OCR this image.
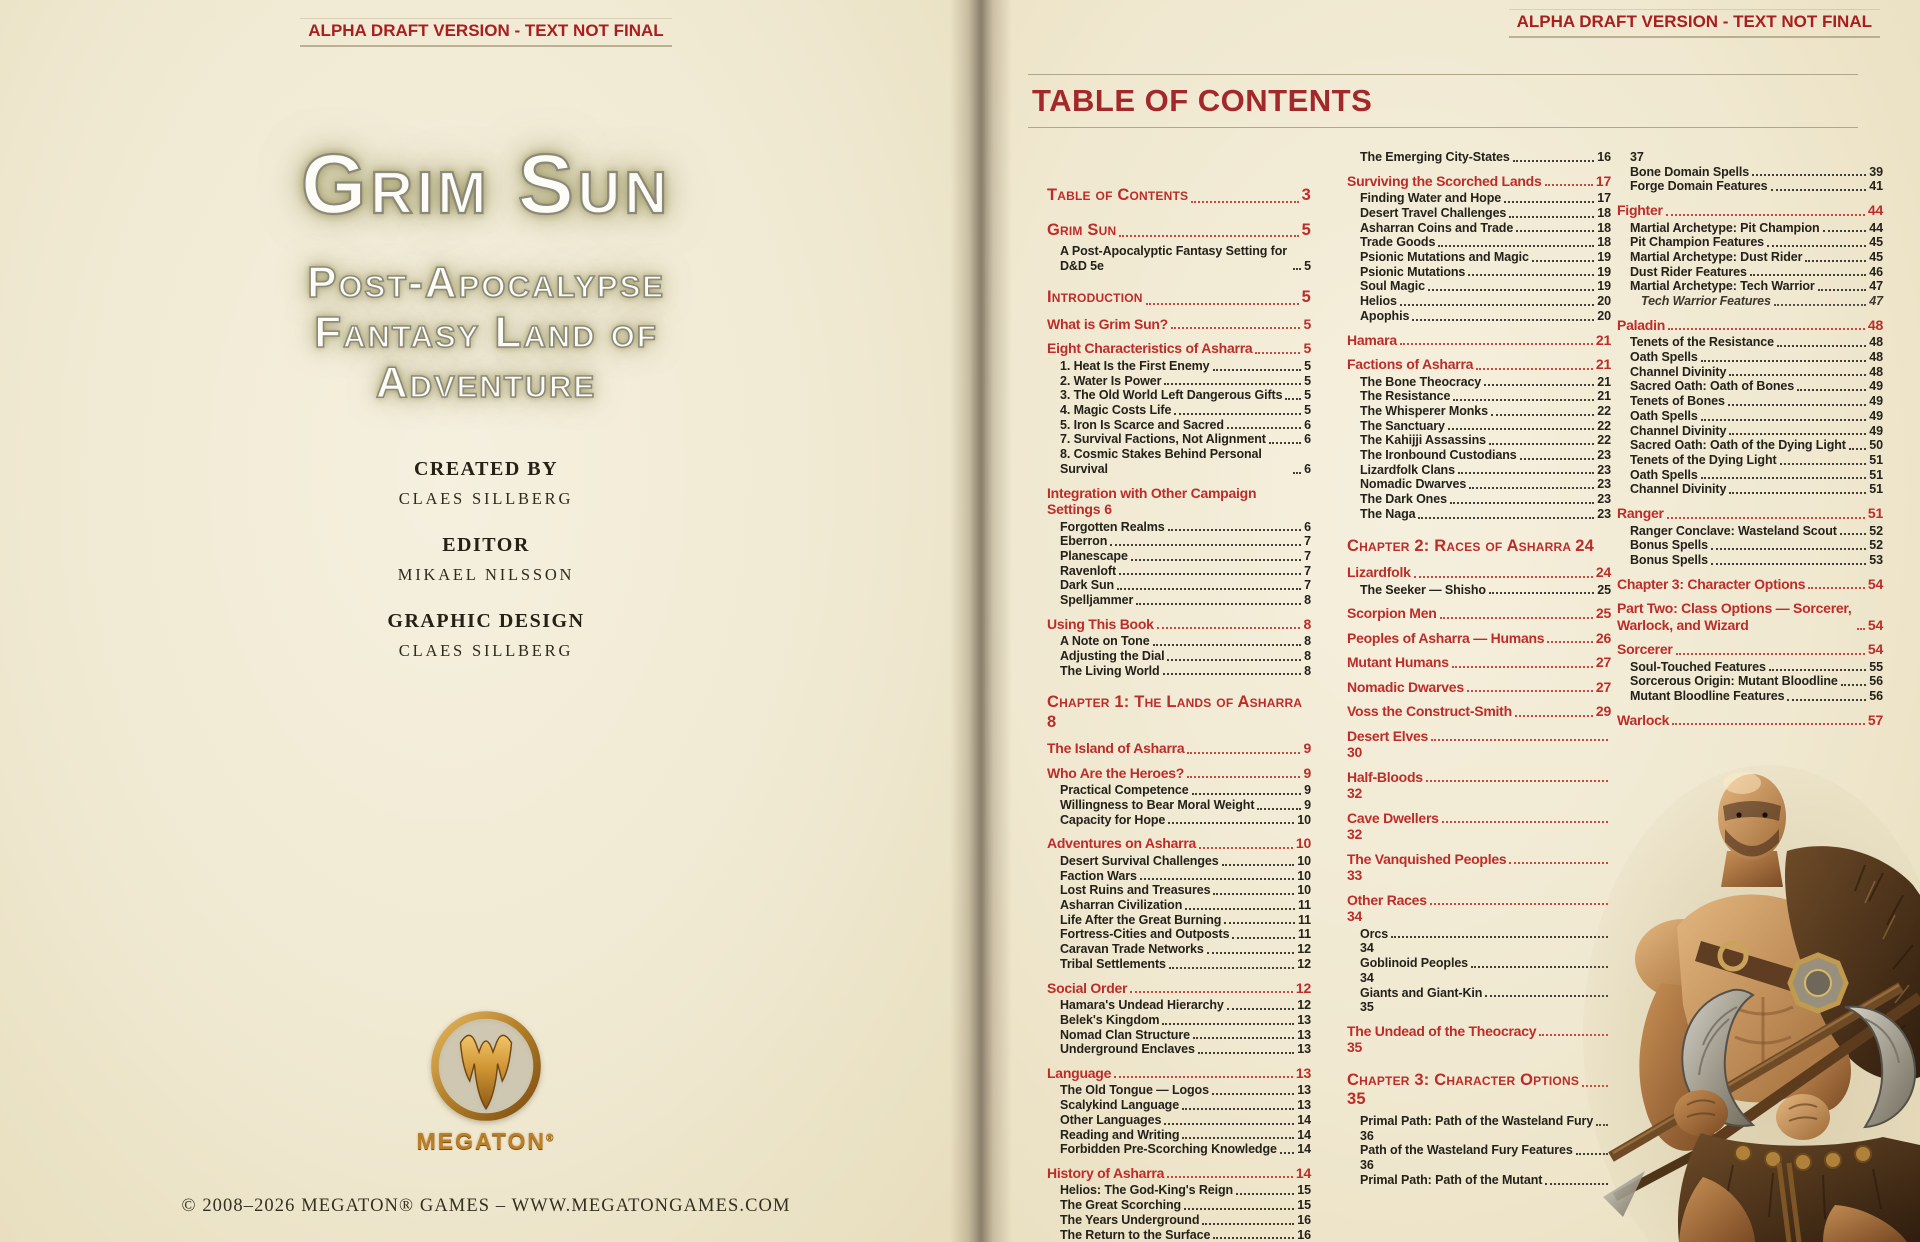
ALPHA DRAFT VERSION - TEXT NOT FINAL
Grim Sun
Post-Apocalypse
Fantasy Land of
Adventure
CREATED BY
CLAES SILLBERG
EDITOR
MIKAEL NILSSON
GRAPHIC DESIGN
CLAES SILLBERG
MEGATON®
© 2008–2026 MEGATON® GAMES – WWW.MEGATONGAMES.COM
ALPHA DRAFT VERSION - TEXT NOT FINAL
TABLE OF CONTENTS
Table of Contents	3
Grim Sun	5
A Post-Apocalyptic Fantasy Setting for D&D 5e	5
Introduction	5
What is Grim Sun?	5
Eight Characteristics of Asharra	5
1. Heat Is the First Enemy	5
2. Water Is Power	5
3. The Old World Left Dangerous Gifts 5
4. Magic Costs Life	5
5. Iron Is Scarce and Sacred	6
7. Survival Factions, Not Alignment	6
8. Cosmic Stakes Behind Personal Survival	6
Integration with Other Campaign Settings 6
Forgotten Realms	6
Eberron	7
Planescape	7
Ravenloft	7
Dark Sun	7
Spelljammer	8
Using This Book	8
A Note on Tone	8
Adjusting the Dial	8
The Living World	8
Chapter 1: The Lands of Asharra
8
The Island of Asharra	9
Who Are the Heroes?	9
Practical Competence	9
Willingness to Bear Moral Weight	9
Capacity for Hope	10
Adventures on Asharra	10
Desert Survival Challenges	10
Faction Wars	10
Lost Ruins and Treasures	10
Asharran Civilization	11
Life After the Great Burning	11
Fortress-Cities and Outposts	11
Caravan Trade Networks	12
Tribal Settlements	12
Social Order	12
Hamara's Undead Hierarchy	12
Belek's Kingdom	13
Nomad Clan Structure	13
Underground Enclaves	13
Language	13
The Old Tongue — Logos	13
Scalykind Language	13
Other Languages	14
Reading and Writing	14
Forbidden Pre-Scorching Knowledge 14
History of Asharra	14
Helios: The God-King's Reign	15
The Great Scorching	15
The Years Underground	16
The Return to the Surface	16
The Emerging City-States	16
Surviving the Scorched Lands	17
Finding Water and Hope	17
Desert Travel Challenges	18
Asharran Coins and Trade	18
Trade Goods	18
Psionic Mutations and Magic	19
Psionic Mutations	19
Soul Magic	19
Helios	20
Apophis	20
Hamara	21
Factions of Asharra	21
The Bone Theocracy	21
The Resistance	21
The Whisperer Monks	22
The Sanctuary	22
The Kahijji Assassins	22
The Ironbound Custodians	23
Lizardfolk Clans	23
Nomadic Dwarves	23
The Dark Ones	23
The Naga	23
Chapter 2: Races of Asharra 24
Lizardfolk	24
The Seeker — Shisho	25
Scorpion Men	25
Peoples of Asharra — Humans	26
Mutant Humans	27
Nomadic Dwarves	27
Voss the Construct-Smith	29
Desert Elves
30
Half-Bloods
32
Cave Dwellers
32
The Vanquished Peoples
33
Other Races
34
Orcs
34
Goblinoid Peoples
34
Giants and Giant-Kin
35
The Undead of the Theocracy
35
Chapter 3: Character Options
35
Primal Path: Path of the Wasteland Fury
36
Path of the Wasteland Fury Features
36
Primal Path: Path of the Mutant
37
Bone Domain Spells	39
Forge Domain Features	41
Fighter	44
Martial Archetype: Pit Champion	44
Pit Champion Features	45
Martial Archetype: Dust Rider	45
Dust Rider Features	46
Martial Archetype: Tech Warrior	47
Tech Warrior Features	47
Paladin	48
Tenets of the Resistance	48
Oath Spells	48
Channel Divinity	48
Sacred Oath: Oath of Bones	49
Tenets of Bones	49
Oath Spells	49
Channel Divinity	49
Sacred Oath: Oath of the Dying Light 50
Tenets of the Dying Light	51
Oath Spells	51
Channel Divinity	51
Ranger	51
Ranger Conclave: Wasteland Scout	52
Bonus Spells	52
Bonus Spells	53
Chapter 3: Character Options	54
Part Two: Class Options — Sorcerer, Warlock, and Wizard	54
Sorcerer	54
Soul-Touched Features	55
Sorcerous Origin: Mutant Bloodline	56
Mutant Bloodline Features	56
Warlock	57
